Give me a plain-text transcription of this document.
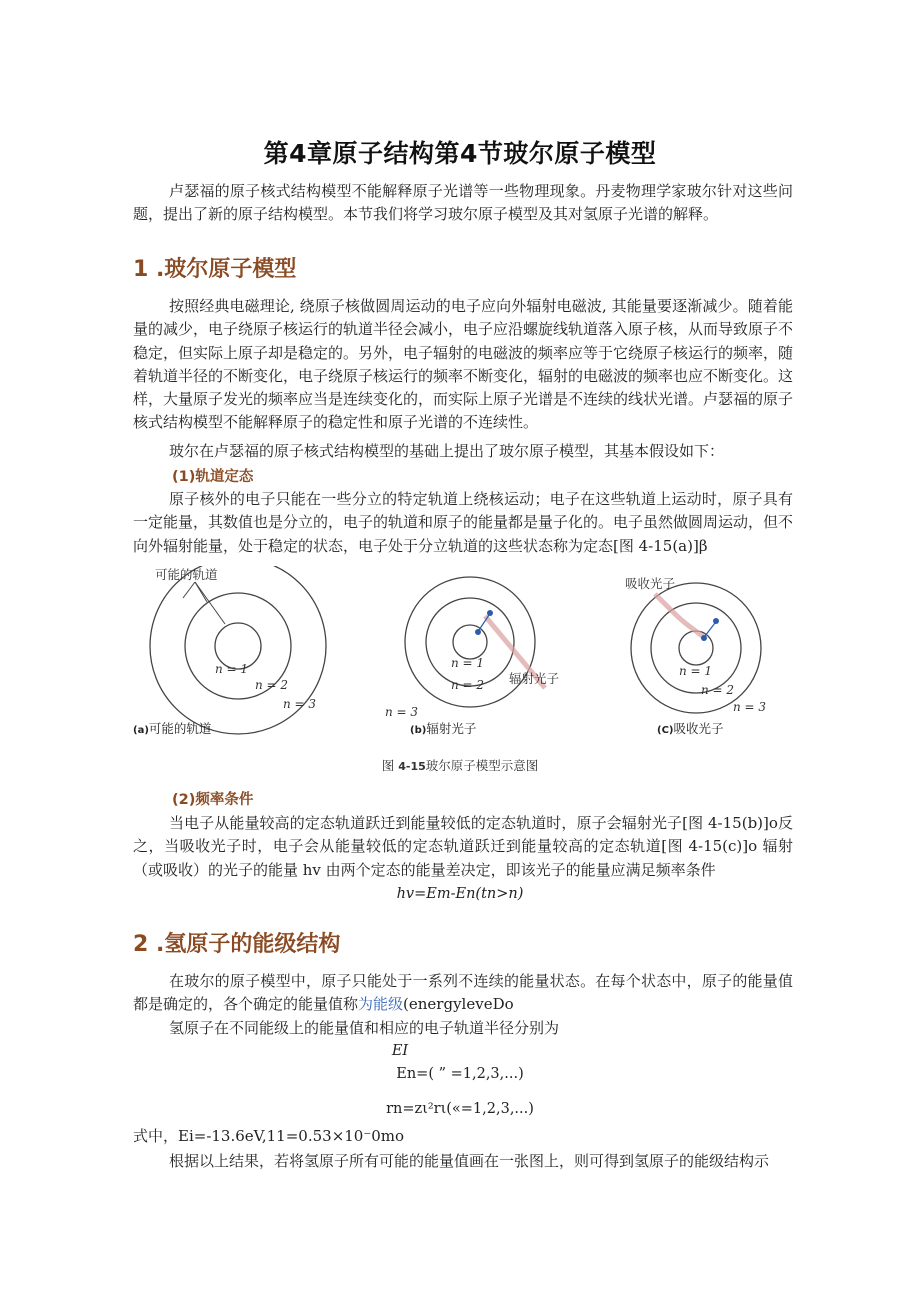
第4章原子结构第4节玻尔原子模型

卢瑟福的原子核式结构模型不能解释原子光谱等一些物理现象。丹麦物理学家玻尔针对这些问题，提出了新的原子结构模型。本节我们将学习玻尔原子模型及其对氢原子光谱的解释。

1 .玻尔原子模型

按照经典电磁理论, 绕原子核做圆周运动的电子应向外辐射电磁波, 其能量要逐渐减少。随着能量的减少，电子绕原子核运行的轨道半径会减小，电子应沿螺旋线轨道落入原子核，从而导致原子不稳定，但实际上原子却是稳定的。另外，电子辐射的电磁波的频率应等于它绕原子核运行的频率，随着轨道半径的不断变化，电子绕原子核运行的频率不断变化，辐射的电磁波的频率也应不断变化。这样，大量原子发光的频率应当是连续变化的，而实际上原子光谱是不连续的线状光谱。卢瑟福的原子核式结构模型不能解释原子的稳定性和原子光谱的不连续性。

玻尔在卢瑟福的原子核式结构模型的基础上提出了玻尔原子模型，其基本假设如下：

(1)轨道定态

原子核外的电子只能在一些分立的特定轨道上绕核运动；电子在这些轨道上运动时，原子具有一定能量，其数值也是分立的，电子的轨道和原子的能量都是量子化的。电子虽然做圆周运动，但不向外辐射能量，处于稳定的状态，电子处于分立轨道的这些状态称为定态[图 4-15(a)]β

可能的轨道
n = 1
n = 2
n = 3
n = 1
n = 2
n = 3
辐射光子
吸收光子
n = 1
n = 2
n = 3
(a)可能的轨道	(b)辐射光子	(C)吸收光子
图 4-15玻尔原子模型示意图
(2)频率条件

当电子从能量较高的定态轨道跃迁到能量较低的定态轨道时，原子会辐射光子[图 4-15(b)]o反之，当吸收光子时，电子会从能量较低的定态轨道跃迁到能量较高的定态轨道[图 4-15(c)]o 辐射（或吸收）的光子的能量 hv 由两个定态的能量差决定，即该光子的能量应满足频率条件

hv=Em-En(tn>n)
2 .氢原子的能级结构

在玻尔的原子模型中，原子只能处于一系列不连续的能量状态。在每个状态中，原子的能量值都是确定的，各个确定的能量值称为能级(energyleveDo

氢原子在不同能级上的能量值和相应的电子轨道半径分别为

EI
En=( ” =1,2,3,...)
rn=zι²rι(«=1,2,3,...)

式中，Ei=-13.6eV,11=0.53×10⁻0mo

根据以上结果，若将氢原子所有可能的能量值画在一张图上，则可得到氢原子的能级结构示
